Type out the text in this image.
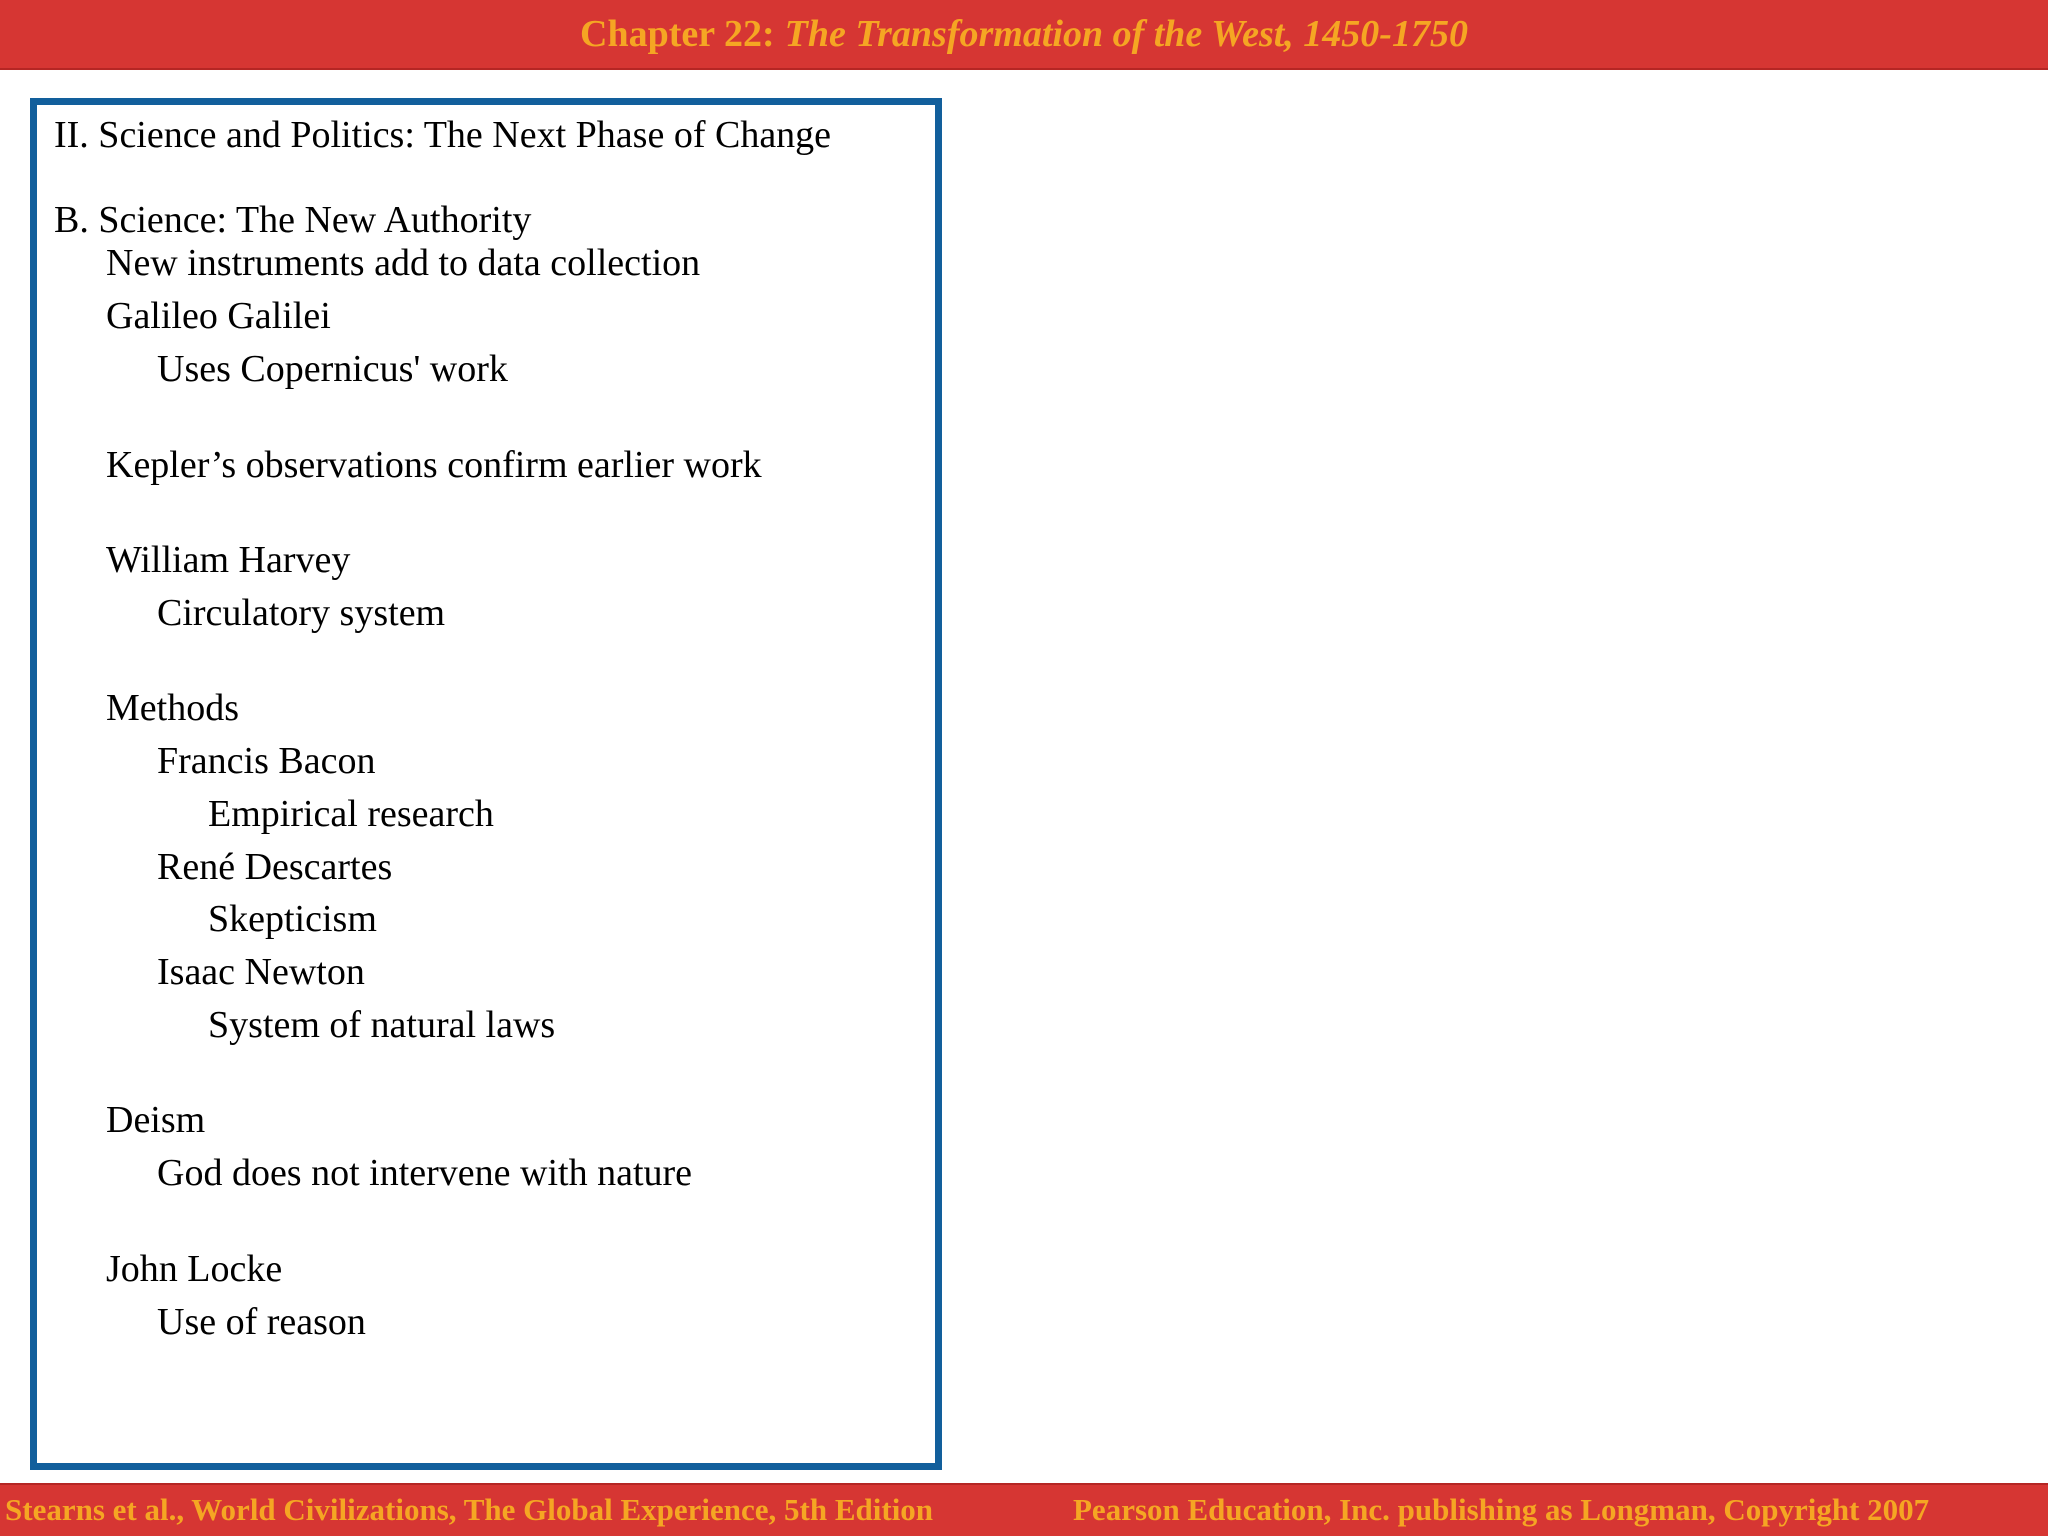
Chapter 22: The Transformation of the West, 1450-1750
II. Science and Politics: The Next Phase of Change
B. Science: The New Authority
New instruments add to data collection
Galileo Galilei
Uses Copernicus' work
Kepler’s observations confirm earlier work
William Harvey
Circulatory system
Methods
Francis Bacon
Empirical research
René Descartes
Skepticism
Isaac Newton
System of natural laws
Deism
God does not intervene with nature
John Locke
Use of reason
Stearns et al., World Civilizations, The Global Experience, 5th Edition	Pearson Education, Inc. publishing as Longman, Copyright 2007
